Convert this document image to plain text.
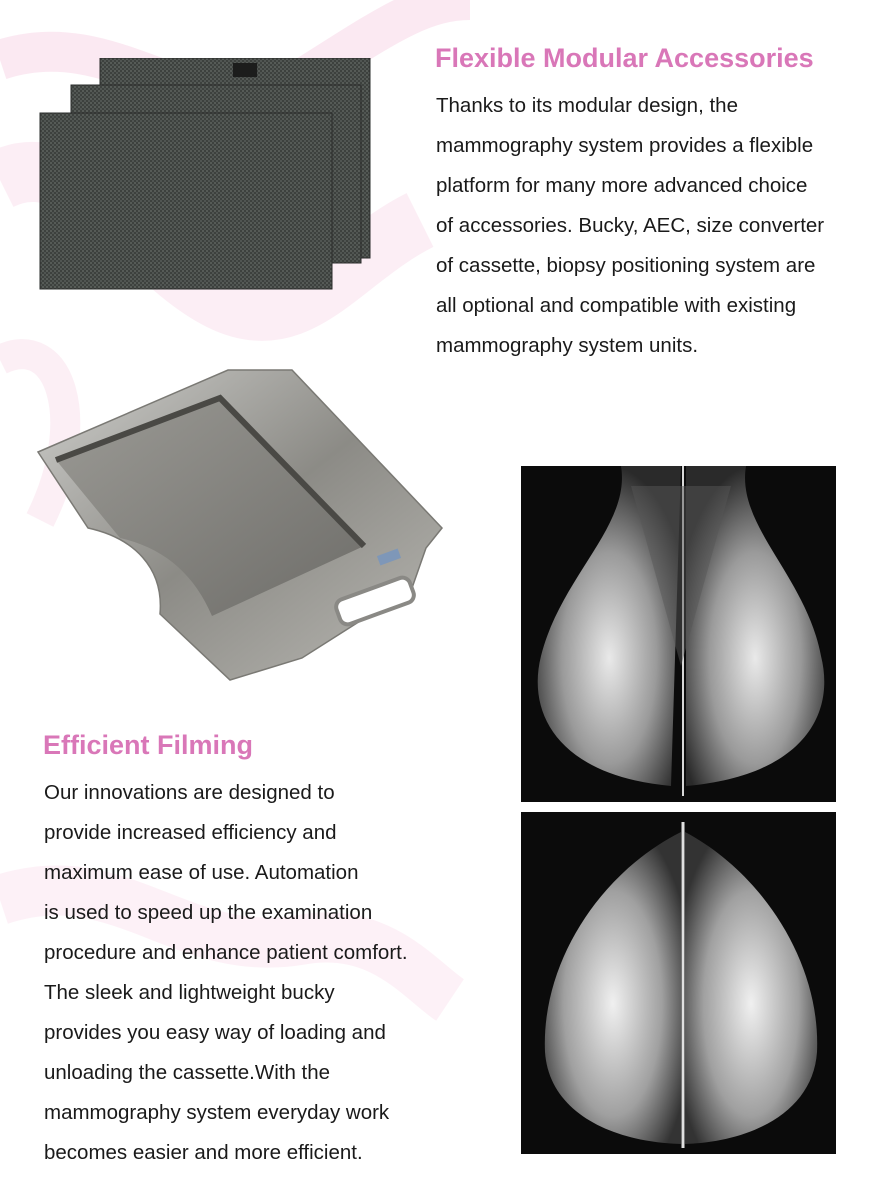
Flexible Modular Accessories
Thanks to its modular design, the
mammography system provides a flexible
platform for many more advanced choice
of accessories. Bucky, AEC, size converter
of cassette, biopsy positioning system are
all optional and compatible with existing
mammography system units.
Efficient Filming
Our innovations are designed to
provide increased efficiency and
maximum ease of use. Automation
is used to speed up the examination
procedure and enhance patient comfort.
The sleek and lightweight bucky
provides you easy way of loading and
unloading the cassette.With the
mammography system everyday work
becomes easier and more efficient.
